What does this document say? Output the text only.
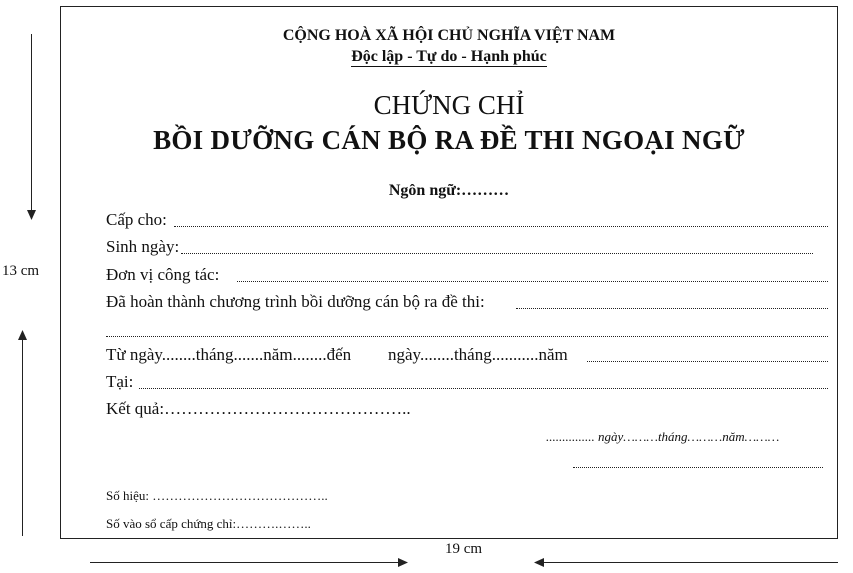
13 cm
CỘNG HOÀ XÃ HỘI CHỦ NGHĨA VIỆT NAM
Độc lập - Tự do - Hạnh phúc
CHỨNG CHỈ
BỒI DƯỠNG CÁN BỘ RA ĐỀ THI NGOẠI NGỮ
Ngôn ngữ:………
Cấp cho:
Sinh ngày:
Đơn vị công tác:
Đã hoàn thành chương trình bồi dưỡng cán bộ ra đề thi:
Từ ngày........tháng.......năm........đến ngày........tháng...........năm
Tại:
Kết quả:……………………………………..
............... ngày………tháng………năm………
Số hiệu: …………………………………..
Số vào sổ cấp chứng chỉ:……….……..
19 cm
